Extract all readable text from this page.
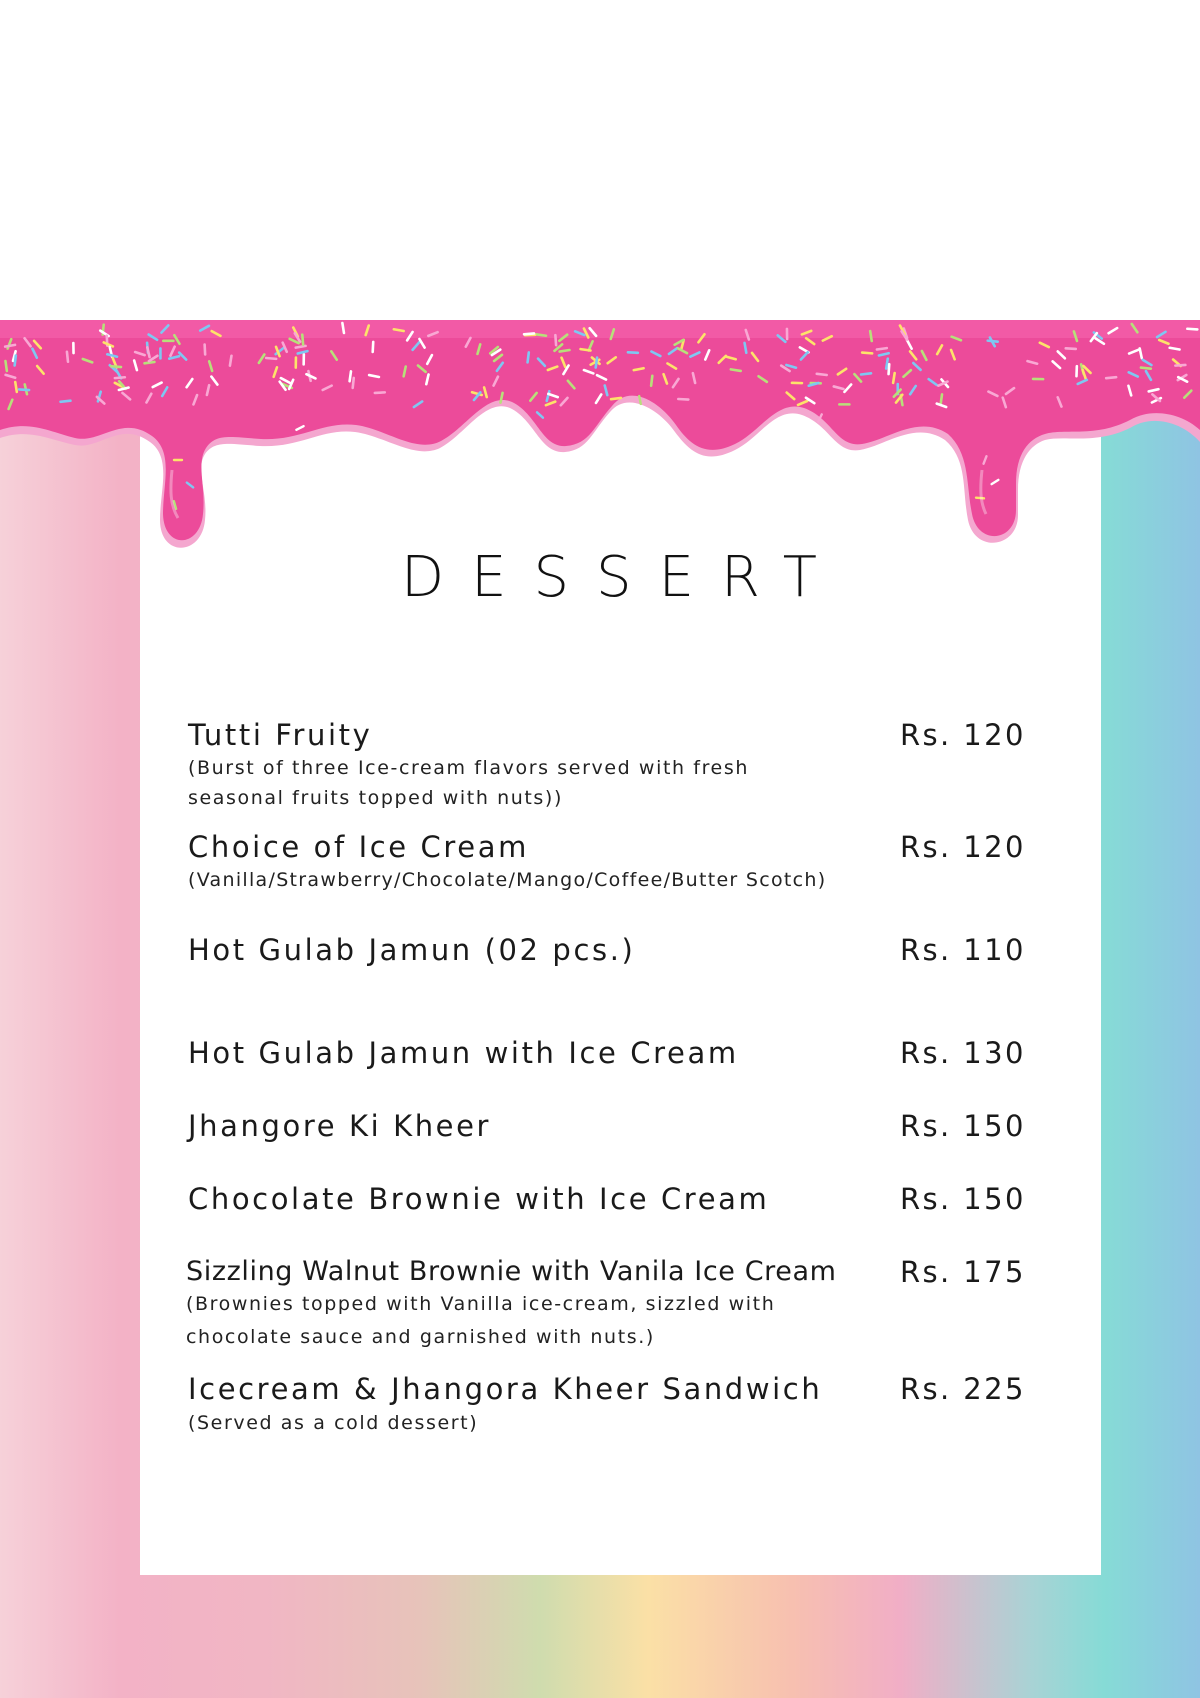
DESSERT
Tutti Fruity	Rs. 120
(Burst of three Ice-cream flavors served with fresh
seasonal fruits topped with nuts))
Choice of Ice Cream	Rs. 120
(Vanilla/Strawberry/Chocolate/Mango/Coffee/Butter Scotch)
Hot Gulab Jamun (02 pcs.)	Rs. 110
Hot Gulab Jamun with Ice Cream	Rs. 130
Jhangore Ki Kheer	Rs. 150
Chocolate Brownie with Ice Cream	Rs. 150
Sizzling Walnut Brownie with Vanila Ice Cream Rs. 175
(Brownies topped with Vanilla ice-cream, sizzled with
chocolate sauce and garnished with nuts.)
Icecream & Jhangora Kheer Sandwich	Rs. 225
(Served as a cold dessert)
